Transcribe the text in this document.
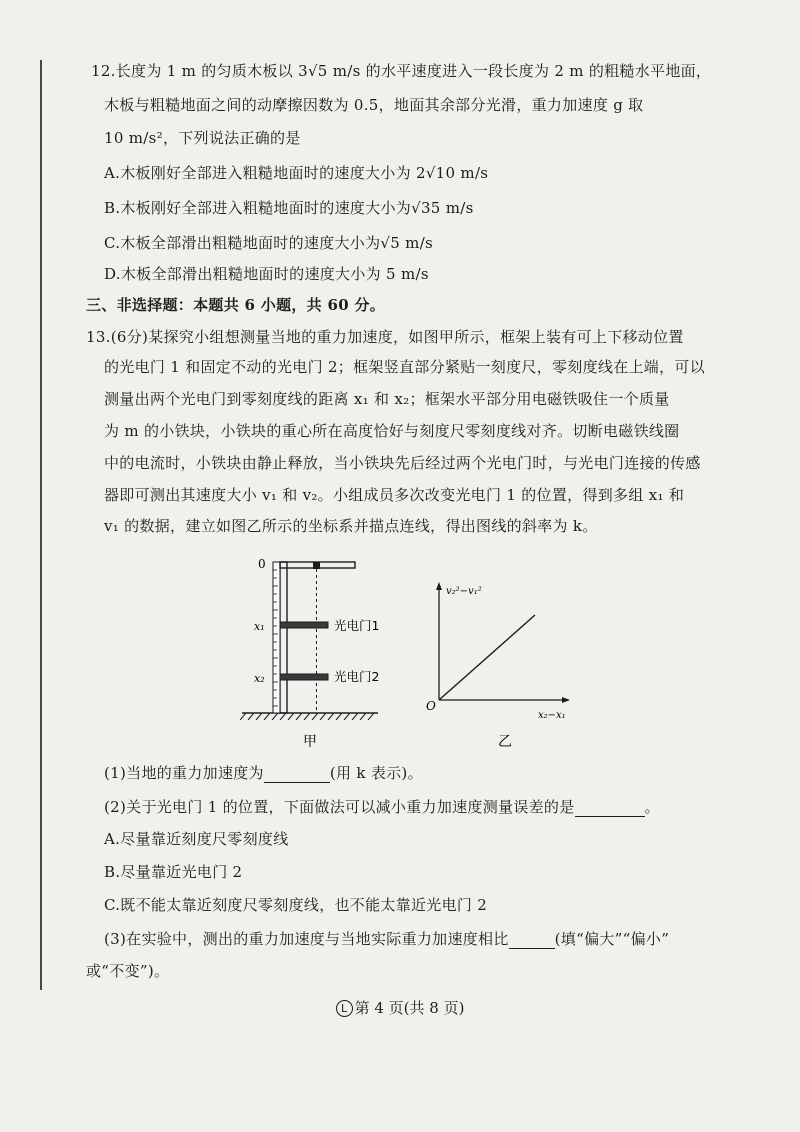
12.长度为 1 m 的匀质木板以 3√5 m/s 的水平速度进入一段长度为 2 m 的粗糙水平地面，
木板与粗糙地面之间的动摩擦因数为 0.5，地面其余部分光滑，重力加速度 g 取
10 m/s²，下列说法正确的是
A.木板刚好全部进入粗糙地面时的速度大小为 2√10 m/s
B.木板刚好全部进入粗糙地面时的速度大小为√35 m/s
C.木板全部滑出粗糙地面时的速度大小为√5 m/s
D.木板全部滑出粗糙地面时的速度大小为 5 m/s
三、非选择题：本题共 6 小题，共 60 分。
13.(6分)某探究小组想测量当地的重力加速度，如图甲所示，框架上装有可上下移动位置
的光电门 1 和固定不动的光电门 2；框架竖直部分紧贴一刻度尺，零刻度线在上端，可以
测量出两个光电门到零刻度线的距离 x₁ 和 x₂；框架水平部分用电磁铁吸住一个质量
为 m 的小铁块，小铁块的重心所在高度恰好与刻度尺零刻度线对齐。切断电磁铁线圈
中的电流时，小铁块由静止释放，当小铁块先后经过两个光电门时，与光电门连接的传感
器即可测出其速度大小 v₁ 和 v₂。小组成员多次改变光电门 1 的位置，得到多组 x₁ 和
v₁ 的数据，建立如图乙所示的坐标系并描点连线，得出图线的斜率为 k。
0
x₁
x₂
光电门1
光电门2
甲
v₂²−v₁²
x₂−x₁
O
乙
(1)当地的重力加速度为	(用 k 表示)。
(2)关于光电门 1 的位置，下面做法可以减小重力加速度测量误差的是	。
A.尽量靠近刻度尺零刻度线
B.尽量靠近光电门 2
C.既不能太靠近刻度尺零刻度线，也不能太靠近光电门 2
(3)在实验中，测出的重力加速度与当地实际重力加速度相比	(填“偏大”“偏小”
或“不变”)。
L 第 4 页(共 8 页)
